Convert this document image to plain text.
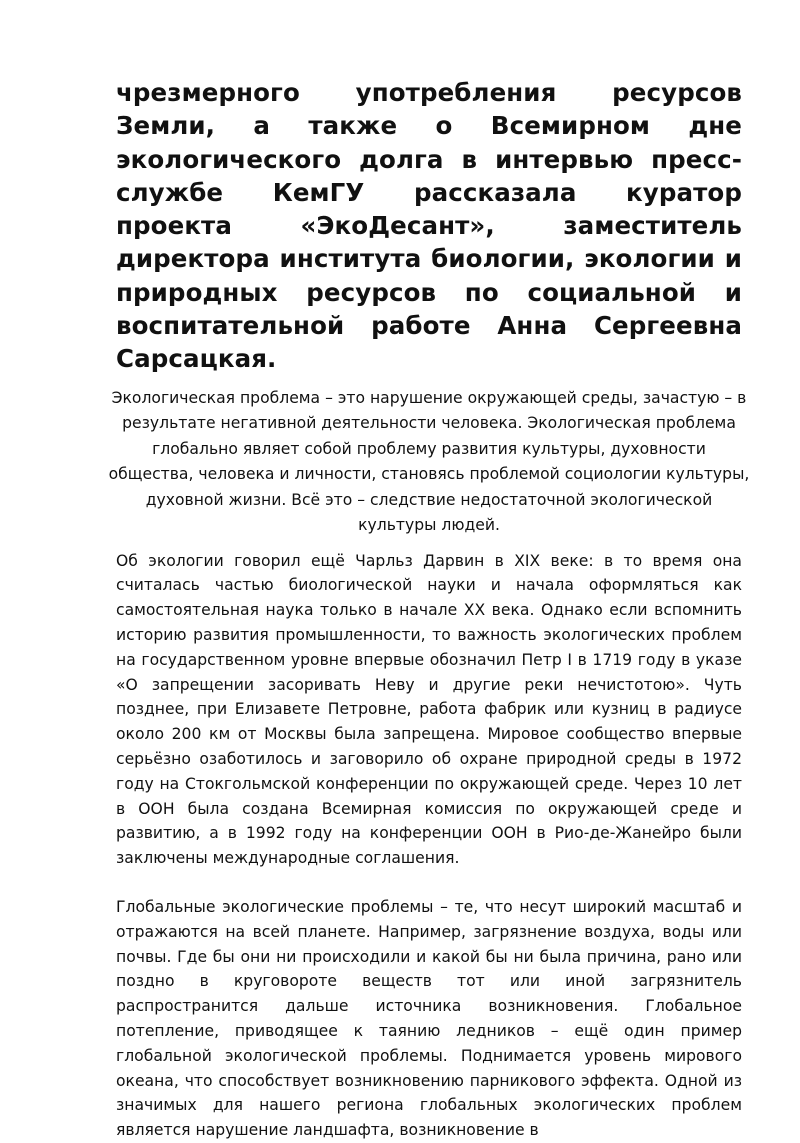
чрезмерного употребления ресурсов Земли, а также о Всемирном дне экологического долга в интервью пресс-службе КемГУ рассказала куратор проекта «ЭкоДесант», заместитель директора института биологии, экологии и природных ресурсов по социальной и воспитательной работе Анна Сергеевна Сарсацкая.

Экологическая проблема – это нарушение окружающей среды, зачастую – в результате негативной деятельности человека. Экологическая проблема глобально являет собой проблему развития культуры, духовности общества, человека и личности, становясь проблемой социологии культуры, духовной жизни. Всё это – следствие недостаточной экологической культуры людей.

Об экологии говорил ещё Чарльз Дарвин в XIX веке: в то время она считалась частью биологической науки и начала оформляться как самостоятельная наука только в начале XX века. Однако если вспомнить историю развития промышленности, то важность экологических проблем на государственном уровне впервые обозначил Петр I в 1719 году в указе «О запрещении засоривать Неву и другие реки нечистотою». Чуть позднее, при Елизавете Петровне, работа фабрик или кузниц в радиусе около 200 км от Москвы была запрещена. Мировое сообщество впервые серьёзно озаботилось и заговорило об охране природной среды в 1972 году на Стокгольмской конференции по окружающей среде. Через 10 лет в ООН была создана Всемирная комиссия по окружающей среде и развитию, а в 1992 году на конференции ООН в Рио-де-Жанейро были заключены международные соглашения.

Глобальные экологические проблемы – те, что несут широкий масштаб и отражаются на всей планете. Например, загрязнение воздуха, воды или почвы. Где бы они ни происходили и какой бы ни была причина, рано или поздно в круговороте веществ тот или иной загрязнитель распространится дальше источника возникновения. Глобальное потепление, приводящее к таянию ледников – ещё один пример глобальной экологической проблемы. Поднимается уровень мирового океана, что способствует возникновению парникового эффекта. Одной из значимых для нашего региона глобальных экологических проблем является нарушение ландшафта, возникновение в
